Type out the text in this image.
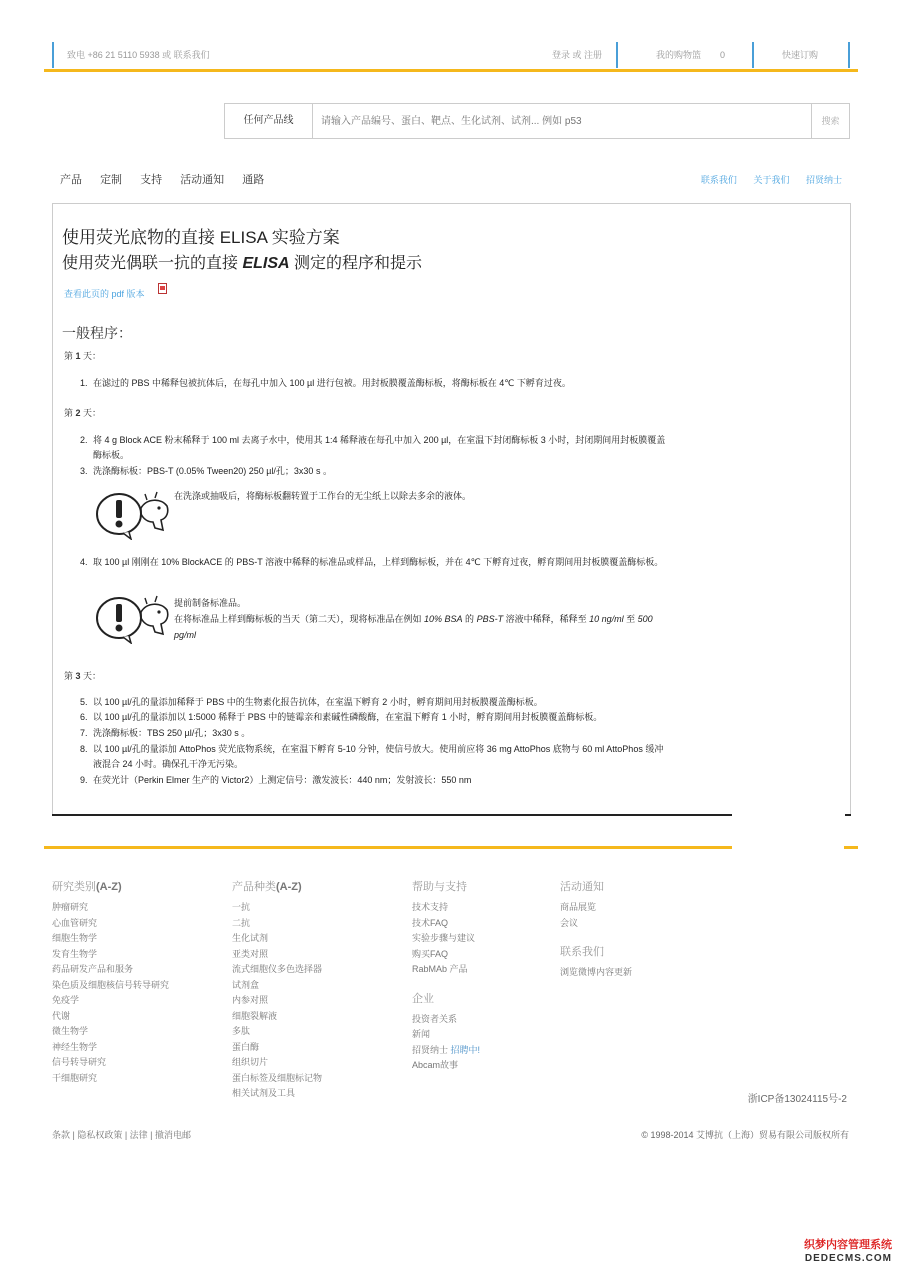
致电 +86 21 5110 5938 或 联系我们	登录 或 注册	我的购物篮 0	快速订购
任何产品线
请输入产品编号、蛋白、靶点、生化试剂、试剂... 例如 p53	搜索
产品 定制 支持 活动通知 通路	联系我们 关于我们 招贤纳士
使用荧光底物的直接 ELISA 实验方案
使用荧光偶联一抗的直接 ELISA 测定的程序和提示
查看此页的 pdf 版本
一般程序：
第 1 天：
1. 在滤过的 PBS 中稀释包被抗体后，在每孔中加入 100 µl 进行包被。用封板膜覆盖酶标板，将酶标板在 4℃ 下孵育过夜。
第 2 天：
2. 将 4 g Block ACE 粉末稀释于 100 ml 去离子水中，使用其 1:4 稀释液在每孔中加入 200 µl，在室温下封闭酶标板 3 小时，封闭期间用封板膜覆盖酶标板。
3. 洗涤酶标板：PBS-T (0.05% Tween20) 250 µl/孔；3x30 s 。
在洗涤或抽吸后，将酶标板翻转置于工作台的无尘纸上以除去多余的液体。
4. 取 100 µl 刚刚在 10% BlockACE 的 PBS-T 溶液中稀释的标准品或样品，上样到酶标板，并在 4℃ 下孵育过夜，孵育期间用封板膜覆盖酶标板。
提前制备标准品。
在将标准品上样到酶标板的当天（第二天），现将标准品在例如 10% BSA 的 PBS-T 溶液中稀释，稀释至 10 ng/ml 至 500 pg/ml
第 3 天：
5. 以 100 µl/孔的量添加稀释于 PBS 中的生物素化报告抗体，在室温下孵育 2 小时，孵育期间用封板膜覆盖酶标板。
6. 以 100 µl/孔的量添加以 1:5000 稀释于 PBS 中的链霉亲和素碱性磷酸酶，在室温下孵育 1 小时，孵育期间用封板膜覆盖酶标板。
7. 洗涤酶标板：TBS 250 µl/孔；3x30 s 。
8. 以 100 µl/孔的量添加 AttoPhos 荧光底物系统，在室温下孵育 5-10 分钟，使信号放大。使用前应将 36 mg AttoPhos 底物与 60 ml AttoPhos 缓冲液混合 24 小时。确保孔干净无污染。
9. 在荧光计（Perkin Elmer 生产的 Victor2）上测定信号：激发波长：440 nm；发射波长：550 nm
研究类别(A-Z)
肿瘤研究
心血管研究
细胞生物学
发育生物学
药品研发产品和服务
染色质及细胞核信号转导研究
免疫学
代谢
微生物学
神经生物学
信号转导研究
干细胞研究
产品种类(A-Z)
一抗
二抗
生化试剂
亚类对照
流式细胞仪多色选择器
试剂盒
内参对照
细胞裂解液
多肽
蛋白酶
组织切片
蛋白标签及细胞标记物
相关试剂及工具
帮助与支持
技术支持
技术FAQ
实验步骤与建议
购买FAQ
RabMAb 产品
企业
投资者关系
新闻
招贤纳士 招聘中!
Abcam故事
活动通知
商品展览
会议
联系我们
浏览微博内容更新
浙ICP备13024115号-2
条款 | 隐私权政策 | 法律 | 撤消电邮	© 1998-2014 艾博抗（上海）贸易有限公司版权所有
织梦内容管理系统
DEDECMS.COM
